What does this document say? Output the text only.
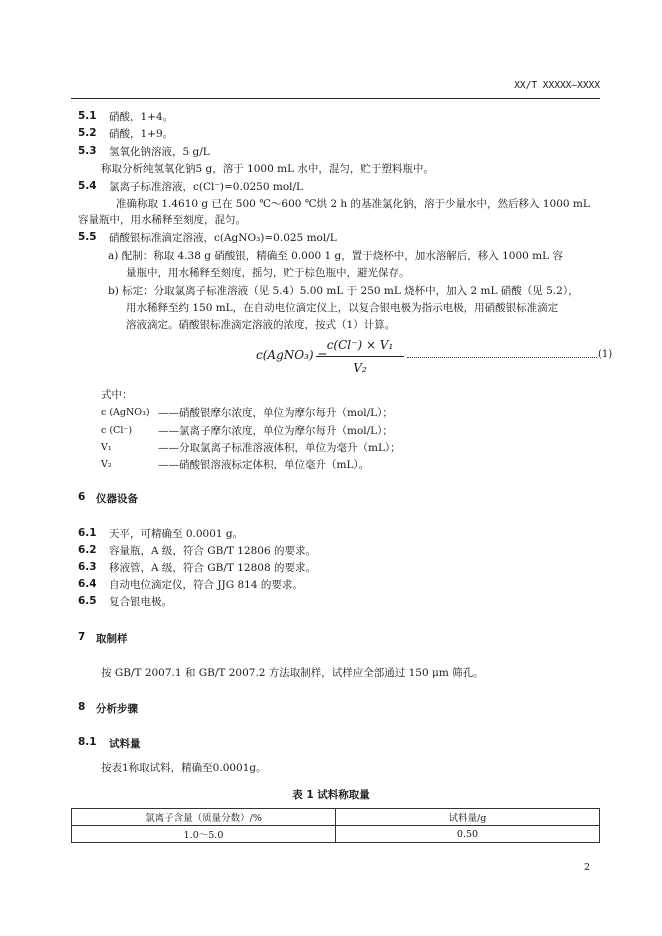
XX/T XXXXX—XXXX
5.1 硝酸，1+4。
5.2 硝酸，1+9。
5.3 氢氧化钠溶液，5 g/L
称取分析纯氢氧化钠5 g，溶于 1000 mL 水中，混匀，贮于塑料瓶中。
5.4 氯离子标准溶液，c(Cl⁻)=0.0250 mol/L
准确称取 1.4610 g 已在 500 ℃～600 ℃烘 2 h 的基准氯化钠，溶于少量水中，然后移入 1000 mL
容量瓶中，用水稀释至刻度，混匀。
5.5 硝酸银标准滴定溶液，c(AgNO₃)=0.025 mol/L
a) 配制：称取 4.38 g 硝酸银，精确至 0.000 1 g，置于烧杯中，加水溶解后，移入 1000 mL 容
量瓶中，用水稀释至刻度，摇匀，贮于棕色瓶中，避光保存。
b) 标定：分取氯离子标准溶液（见 5.4）5.00 mL 于 250 mL 烧杯中，加入 2 mL 硝酸（见 5.2），
用水稀释至约 150 mL，在自动电位滴定仪上，以复合银电极为指示电极，用硝酸银标准滴定
溶液滴定。硝酸银标准滴定溶液的浓度，按式（1）计算。
c(AgNO₃) =
c(Cl⁻) × V₁
V₂
(1)
式中：
c (AgNO₃) ——硝酸银摩尔浓度，单位为摩尔每升（mol/L）；
c (Cl⁻) ——氯离子摩尔浓度，单位为摩尔每升（mol/L）；
V₁	——分取氯离子标准溶液体积，单位为毫升（mL）；
V₂	——硝酸银溶液标定体积，单位毫升（mL）。
6 仪器设备
6.1 天平，可精确至 0.0001 g。
6.2 容量瓶，A 级，符合 GB/T 12806 的要求。
6.3 移液管，A 级，符合 GB/T 12808 的要求。
6.4 自动电位滴定仪，符合 JJG 814 的要求。
6.5 复合银电极。
7 取制样
按 GB/T 2007.1 和 GB/T 2007.2 方法取制样，试样应全部通过 150 μm 筛孔。
8 分析步骤
8.1 试料量
按表1称取试料，精确至0.0001g。
表 1 试料称取量
氯离子含量（质量分数）/%	试料量/g
1.0～5.0	0.50
2
